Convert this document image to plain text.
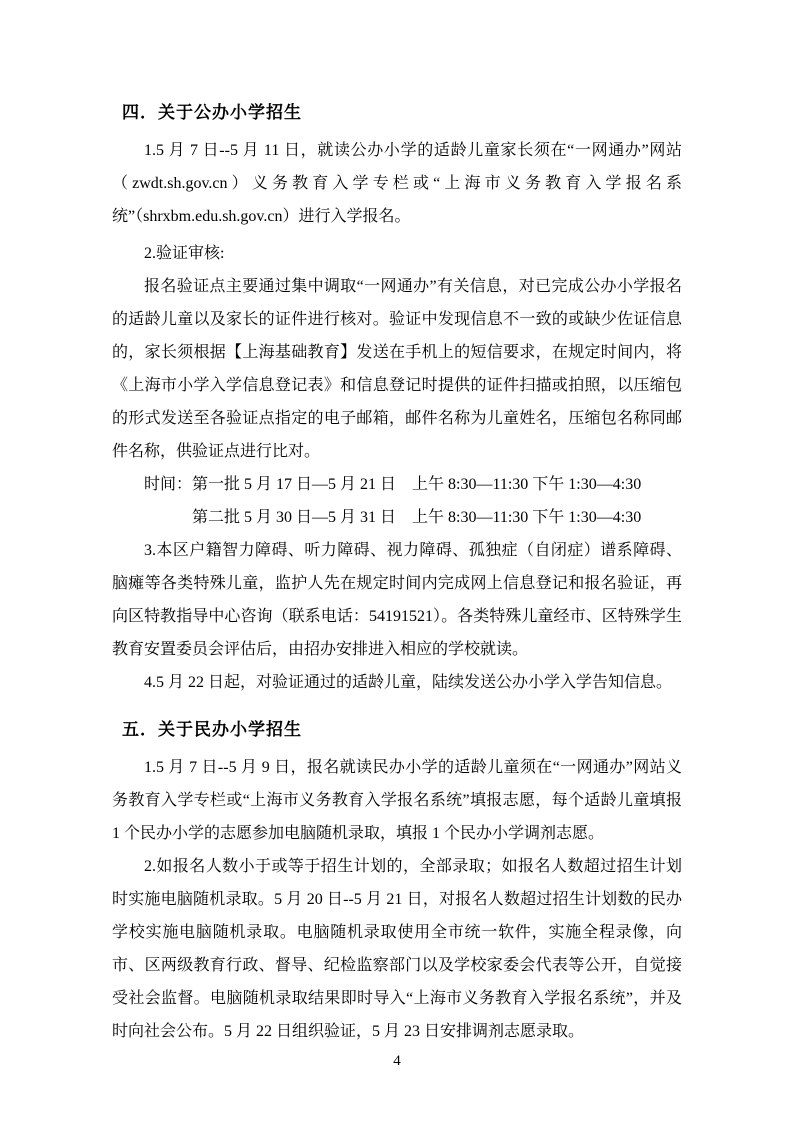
四．关于公办小学招生

1.5 月 7 日--5 月 11 日，就读公办小学的适龄儿童家长须在“一网通办”网站（zwdt.sh.gov.cn）义务教育入学专栏或“上海市义务教育入学报名系统”（shrxbm.edu.sh.gov.cn）进行入学报名。

2.验证审核:

报名验证点主要通过集中调取“一网通办”有关信息，对已完成公办小学报名的适龄儿童以及家长的证件进行核对。验证中发现信息不一致的或缺少佐证信息的，家长须根据【上海基础教育】发送在手机上的短信要求，在规定时间内，将《上海市小学入学信息登记表》和信息登记时提供的证件扫描或拍照，以压缩包的形式发送至各验证点指定的电子邮箱，邮件名称为儿童姓名，压缩包名称同邮件名称，供验证点进行比对。

时间：第一批 5 月 17 日—5 月 21 日　上午 8:30—11:30 下午 1:30—4:30

第二批 5 月 30 日—5 月 31 日　上午 8:30—11:30 下午 1:30—4:30

3.本区户籍智力障碍、听力障碍、视力障碍、孤独症（自闭症）谱系障碍、脑瘫等各类特殊儿童，监护人先在规定时间内完成网上信息登记和报名验证，再向区特教指导中心咨询（联系电话：54191521）。各类特殊儿童经市、区特殊学生教育安置委员会评估后，由招办安排进入相应的学校就读。

4.5 月 22 日起，对验证通过的适龄儿童，陆续发送公办小学入学告知信息。

五．关于民办小学招生

1.5 月 7 日--5 月 9 日，报名就读民办小学的适龄儿童须在“一网通办”网站义务教育入学专栏或“上海市义务教育入学报名系统”填报志愿，每个适龄儿童填报 1 个民办小学的志愿参加电脑随机录取，填报 1 个民办小学调剂志愿。

2.如报名人数小于或等于招生计划的，全部录取；如报名人数超过招生计划时实施电脑随机录取。5 月 20 日--5 月 21 日，对报名人数超过招生计划数的民办学校实施电脑随机录取。电脑随机录取使用全市统一软件，实施全程录像，向市、区两级教育行政、督导、纪检监察部门以及学校家委会代表等公开，自觉接受社会监督。电脑随机录取结果即时导入“上海市义务教育入学报名系统”，并及时向社会公布。5 月 22 日组织验证，5 月 23 日安排调剂志愿录取。

4
